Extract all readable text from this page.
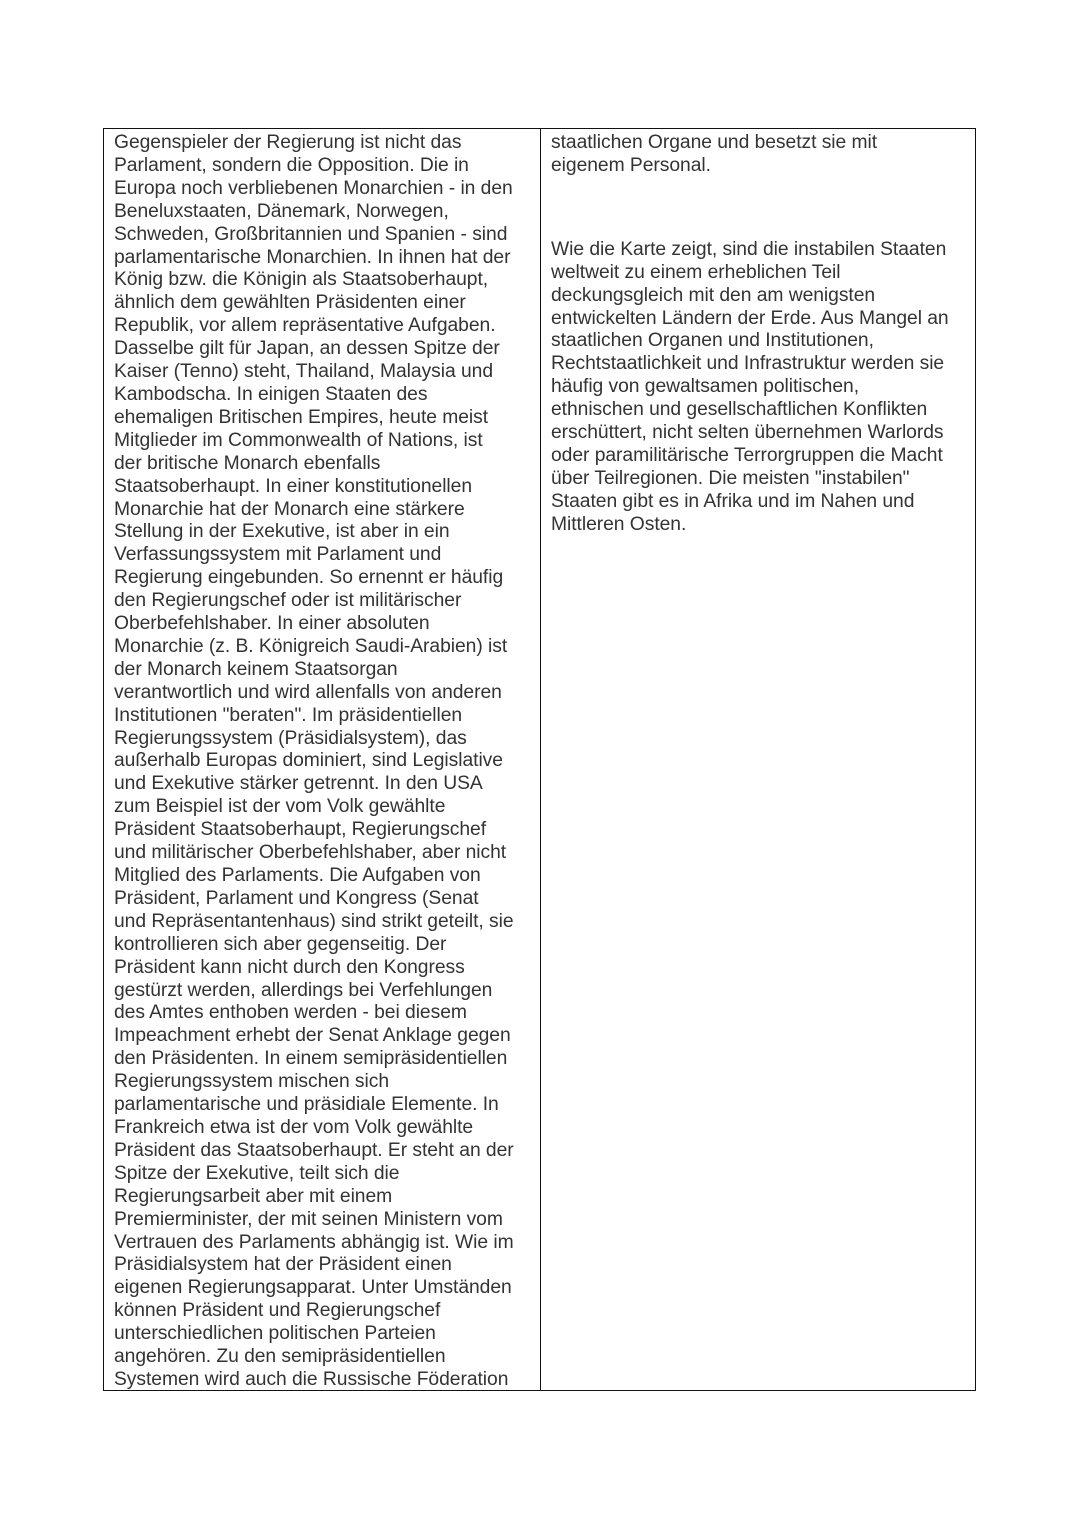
Gegenspieler der Regierung ist nicht das
Parlament, sondern die Opposition. Die in
Europa noch verbliebenen Monarchien - in den
Beneluxstaaten, Dänemark, Norwegen,
Schweden, Großbritannien und Spanien - sind
parlamentarische Monarchien. In ihnen hat der
König bzw. die Königin als Staatsoberhaupt,
ähnlich dem gewählten Präsidenten einer
Republik, vor allem repräsentative Aufgaben.
Dasselbe gilt für Japan, an dessen Spitze der
Kaiser (Tenno) steht, Thailand, Malaysia und
Kambodscha. In einigen Staaten des
ehemaligen Britischen Empires, heute meist
Mitglieder im Commonwealth of Nations, ist
der britische Monarch ebenfalls
Staatsoberhaupt. In einer konstitutionellen
Monarchie hat der Monarch eine stärkere
Stellung in der Exekutive, ist aber in ein
Verfassungssystem mit Parlament und
Regierung eingebunden. So ernennt er häufig
den Regierungschef oder ist militärischer
Oberbefehlshaber. In einer absoluten
Monarchie (z. B. Königreich Saudi-Arabien) ist
der Monarch keinem Staatsorgan
verantwortlich und wird allenfalls von anderen
Institutionen "beraten". Im präsidentiellen
Regierungssystem (Präsidialsystem), das
außerhalb Europas dominiert, sind Legislative
und Exekutive stärker getrennt. In den USA
zum Beispiel ist der vom Volk gewählte
Präsident Staatsoberhaupt, Regierungschef
und militärischer Oberbefehlshaber, aber nicht
Mitglied des Parlaments. Die Aufgaben von
Präsident, Parlament und Kongress (Senat
und Repräsentantenhaus) sind strikt geteilt, sie
kontrollieren sich aber gegenseitig. Der
Präsident kann nicht durch den Kongress
gestürzt werden, allerdings bei Verfehlungen
des Amtes enthoben werden - bei diesem
Impeachment erhebt der Senat Anklage gegen
den Präsidenten. In einem semipräsidentiellen
Regierungssystem mischen sich
parlamentarische und präsidiale Elemente. In
Frankreich etwa ist der vom Volk gewählte
Präsident das Staatsoberhaupt. Er steht an der
Spitze der Exekutive, teilt sich die
Regierungsarbeit aber mit einem
Premierminister, der mit seinen Ministern vom
Vertrauen des Parlaments abhängig ist. Wie im
Präsidialsystem hat der Präsident einen
eigenen Regierungsapparat. Unter Umständen
können Präsident und Regierungschef
unterschiedlichen politischen Parteien
angehören. Zu den semipräsidentiellen
Systemen wird auch die Russische Föderation
staatlichen Organe und besetzt sie mit
eigenem Personal.
Wie die Karte zeigt, sind die instabilen Staaten
weltweit zu einem erheblichen Teil
deckungsgleich mit den am wenigsten
entwickelten Ländern der Erde. Aus Mangel an
staatlichen Organen und Institutionen,
Rechtstaatlichkeit und Infrastruktur werden sie
häufig von gewaltsamen politischen,
ethnischen und gesellschaftlichen Konflikten
erschüttert, nicht selten übernehmen Warlords
oder paramilitärische Terrorgruppen die Macht
über Teilregionen. Die meisten "instabilen"
Staaten gibt es in Afrika und im Nahen und
Mittleren Osten.
